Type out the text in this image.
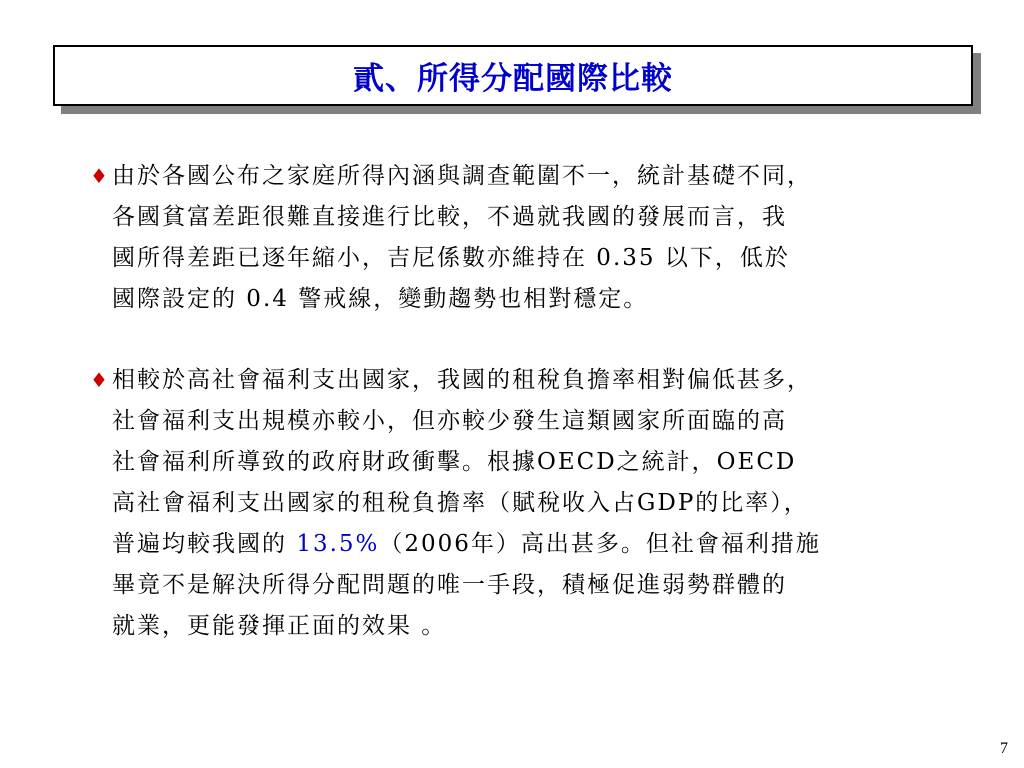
貳、所得分配國際比較
♦ 由於各國公布之家庭所得內涵與調查範圍不一，統計基礎不同，
各國貧富差距很難直接進行比較，不過就我國的發展而言，我
國所得差距已逐年縮小，吉尼係數亦維持在 0.35 以下，低於
國際設定的 0.4 警戒線，變動趨勢也相對穩定。
♦ 相較於高社會福利支出國家，我國的租稅負擔率相對偏低甚多，
社會福利支出規模亦較小，但亦較少發生這類國家所面臨的高
社會福利所導致的政府財政衝擊。根據OECD之統計，OECD
高社會福利支出國家的租稅負擔率（賦稅收入占GDP的比率），
普遍均較我國的 13.5%（2006年）高出甚多。但社會福利措施
畢竟不是解決所得分配問題的唯一手段，積極促進弱勢群體的
就業，更能發揮正面的效果 。
7
